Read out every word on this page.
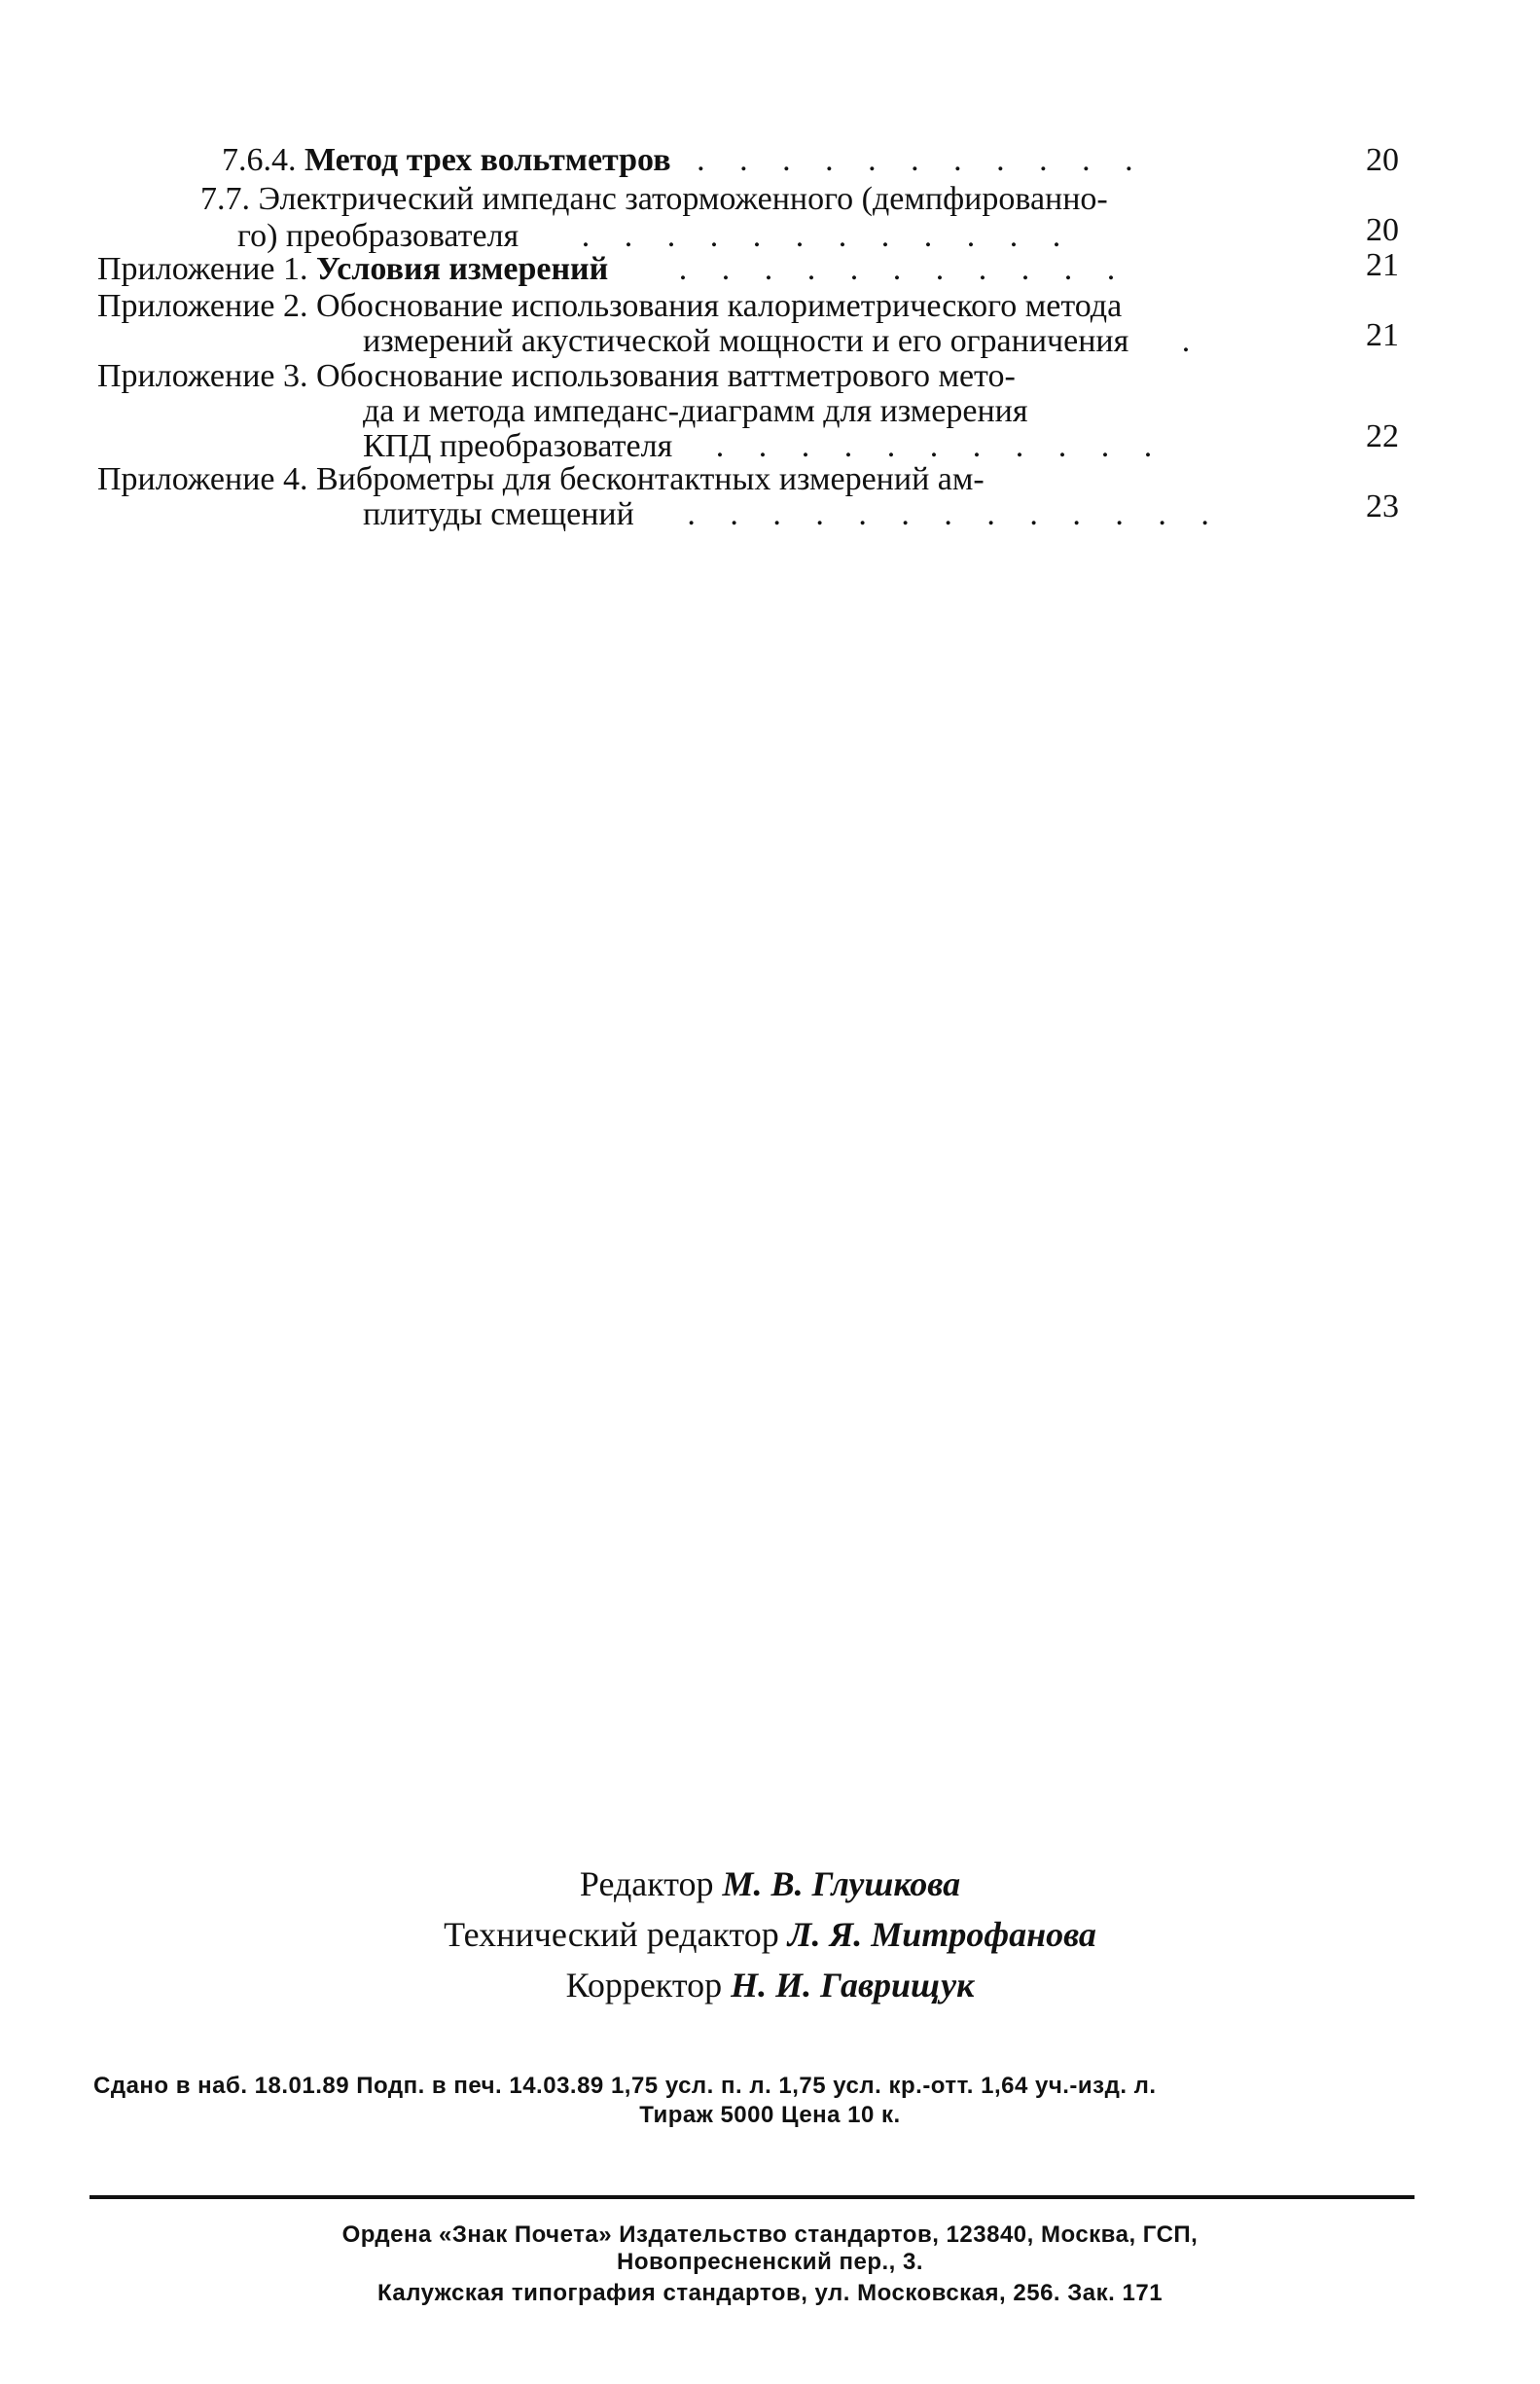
7.6.4. Метод трех вольтметров . . . . . . . . . . .	20
7.7. Электрический импеданс заторможенного (демпфированно-
го) преобразователя . . . . . . . . . . . .	20
Приложение 1. Условия измерений . . . . . . . . . . .	21
Приложение 2. Обоснование использования калориметрического метода
измерений акустической мощности и его ограничения .	21
Приложение 3. Обоснование использования ваттметрового мето-
да и метода импеданс-диаграмм для измерения
КПД преобразователя . . . . . . . . . . .	22
Приложение 4. Виброметры для бесконтактных измерений ам-
плитуды смещений . . . . . . . . . . . . .	23
Редактор М. В. Глушкова
Технический редактор Л. Я. Митрофанова
Корректор Н. И. Гаврищук
Сдано в наб. 18.01.89 Подп. в печ. 14.03.89 1,75 усл. п. л. 1,75 усл. кр.-отт. 1,64 уч.-изд. л.
Тираж 5000 Цена 10 к.
Ордена «Знак Почета» Издательство стандартов, 123840, Москва, ГСП,
Новопресненский пер., 3.
Калужская типография стандартов, ул. Московская, 256. Зак. 171
